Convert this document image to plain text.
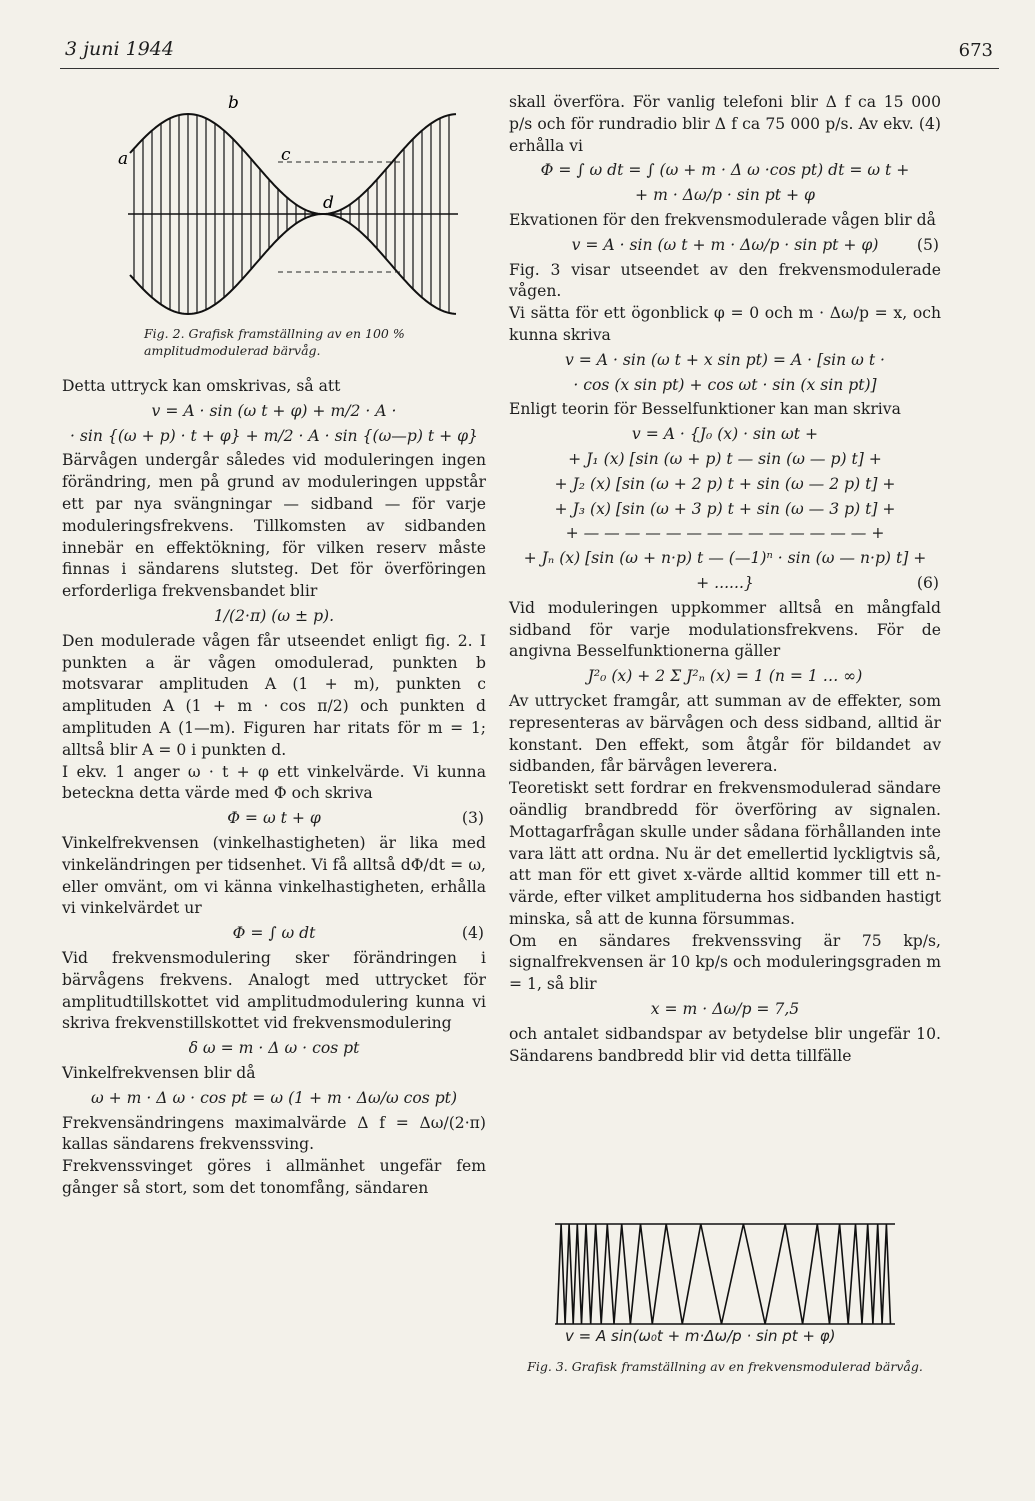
3 juni 1944	673
a
b
c
d
Fig. 2. Grafisk framställning av en 100 % amplitudmodulerad bärvåg.
Detta uttryck kan omskrivas, så att
v = A · sin (ω t + φ) + m/2 · A ·
· sin {(ω + p) · t + φ} + m/2 · A · sin {(ω—p) t + φ}
Bärvågen undergår således vid moduleringen ingen förändring, men på grund av moduleringen uppstår ett par nya svängningar — sidband — för varje moduleringsfrekvens. Tillkomsten av sidbanden innebär en effektökning, för vilken reserv måste finnas i sändarens slutsteg. Det för överföringen erforderliga frekvensbandet blir
1/(2·π) (ω ± p).
Den modulerade vågen får utseendet enligt fig. 2. I punkten a är vågen omodulerad, punkten b motsvarar amplituden A (1 + m), punkten c amplituden A (1 + m · cos π/2) och punkten d amplituden A (1—m). Figuren har ritats för m = 1; alltså blir A = 0 i punkten d.
I ekv. 1 anger ω · t + φ ett vinkelvärde. Vi kunna beteckna detta värde med Φ och skriva
Φ = ω t + φ	(3)
Vinkelfrekvensen (vinkelhastigheten) är lika med vinkeländringen per tidsenhet. Vi få alltså dΦ/dt = ω, eller omvänt, om vi känna vinkelhastigheten, erhålla vi vinkelvärdet ur
Φ = ∫ ω dt	(4)
Vid frekvensmodulering sker förändringen i bärvågens frekvens. Analogt med uttrycket för amplitudtillskottet vid amplitudmodulering kunna vi skriva frekvenstillskottet vid frekvensmodulering
δ ω = m · Δ ω · cos pt
Vinkelfrekvensen blir då
ω + m · Δ ω · cos pt = ω (1 + m · Δω/ω cos pt)
Frekvensändringens maximalvärde Δ f = Δω/(2·π) kallas sändarens frekvenssving.
Frekvenssvinget göres i allmänhet ungefär fem gånger så stort, som det tonomfång, sändaren
skall överföra. För vanlig telefoni blir Δ f ca 15 000 p/s och för rundradio blir Δ f ca 75 000 p/s. Av ekv. (4) erhålla vi
Φ = ∫ ω dt = ∫ (ω + m · Δ ω ·cos pt) dt = ω t +
+ m · Δω/p · sin pt + φ
Ekvationen för den frekvensmodulerade vågen blir då
v = A · sin (ω t + m · Δω/p · sin pt + φ) (5)
Fig. 3 visar utseendet av den frekvensmodulerade vågen.
Vi sätta för ett ögonblick φ = 0 och m · Δω/p = x, och kunna skriva
v = A · sin (ω t + x sin pt) = A · [sin ω t ·
· cos (x sin pt) + cos ωt · sin (x sin pt)]
Enligt teorin för Besselfunktioner kan man skriva
v = A · {J₀ (x) · sin ωt +
+ J₁ (x) [sin (ω + p) t — sin (ω — p) t] +
+ J₂ (x) [sin (ω + 2 p) t + sin (ω — 2 p) t] +
+ J₃ (x) [sin (ω + 3 p) t + sin (ω — 3 p) t] +
+ — — — — — — — — — — — — — — +
+ Jₙ (x) [sin (ω + n·p) t — (—1)ⁿ · sin (ω — n·p) t] +
+ ......}	(6)
Vid moduleringen uppkommer alltså en mångfald sidband för varje modulationsfrekvens. För de angivna Besselfunktionerna gäller
J²₀ (x) + 2 Σ J²ₙ (x) = 1 (n = 1 … ∞)
Av uttrycket framgår, att summan av de effekter, som representeras av bärvågen och dess sidband, alltid är konstant. Den effekt, som åtgår för bildandet av sidbanden, får bärvågen leverera.
Teoretiskt sett fordrar en frekvensmodulerad sändare oändlig brandbredd för överföring av signalen. Mottagarfrågan skulle under sådana förhållanden inte vara lätt att ordna. Nu är det emellertid lyckligtvis så, att man för ett givet x-värde alltid kommer till ett n-värde, efter vilket amplituderna hos sidbanden hastigt minska, så att de kunna försummas.
Om en sändares frekvenssving är 75 kp/s, signalfrekvensen är 10 kp/s och moduleringsgraden m = 1, så blir
x = m · Δω/p = 7,5
och antalet sidbandspar av betydelse blir ungefär 10. Sändarens bandbredd blir vid detta tillfälle
v = A sin(ω₀t + m·Δω/p · sin pt + φ)
Fig. 3. Grafisk framställning av en frekvensmodulerad bärvåg.
